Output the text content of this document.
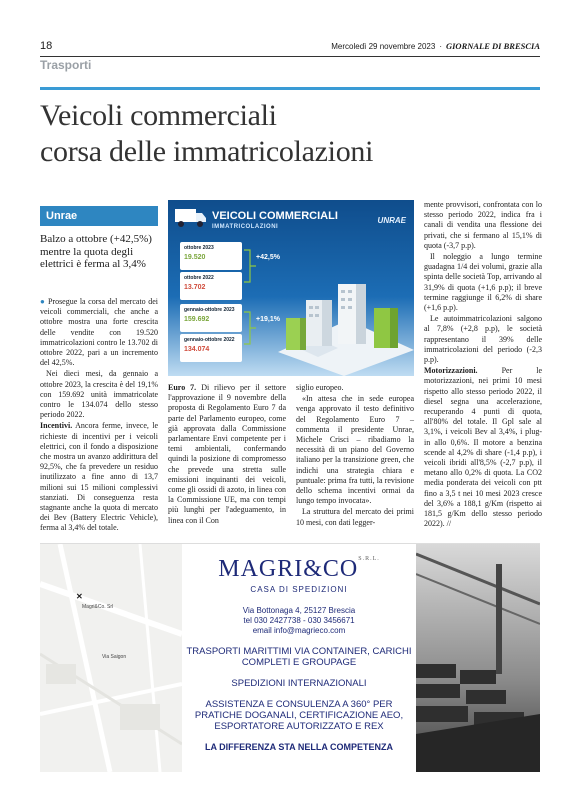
18	Mercoledì 29 novembre 2023 · GIORNALE DI BRESCIA
Trasporti
Veicoli commerciali
corsa delle immatricolazioni
Unrae
Balzo a ottobre (+42,5%) mentre la quota degli elettrici è ferma al 3,4%

● Prosegue la corsa del mercato dei veicoli commerciali, che anche a ottobre mostra una forte crescita delle vendite con 19.520 immatricolazioni contro le 13.702 di ottobre 2022, pari a un incremento del 42,5%.

Nei dieci mesi, da gennaio a ottobre 2023, la crescita è del 19,1% con 159.692 unità immatricolate contro le 134.074 dello stesso periodo 2022.

Incentivi. Ancora ferme, invece, le richieste di incentivi per i veicoli elettrici, con il fondo a disposizione che mostra un avanzo addirittura del 92,5%, che fa prevedere un residuo inutilizzato a fine anno di 13,7 milioni sui 15 milioni complessivi stanziati. Di conseguenza resta stagnante anche la quota di mercato dei Bev (Battery Electric Vehicle), ferma al 3,4% del totale.

VEICOLI COMMERCIALI
IMMATRICOLAZIONI
UNRAE
ottobre 2023
19.520
ottobre 2022
13.702
gennaio-ottobre 2023
159.692
gennaio-ottobre 2022
134.074
+42,5%
+19,1%

Euro 7. Di rilievo per il settore l'approvazione il 9 novembre della proposta di Regolamento Euro 7 da parte del Parlamento europeo, come già approvata dalla Commissione parlamentare Envi competente per i temi ambientali, confermando quindi la posizione di compromesso che prevede una stretta sulle emissioni inquinanti dei veicoli, come gli ossidi di azoto, in linea con la Commissione UE, ma con tempi più lunghi per l'adeguamento, in linea con il Con

siglio europeo.

«In attesa che in sede europea venga approvato il testo definitivo del Regolamento Euro 7 – commenta il presidente Unrae, Michele Crisci – ribadiamo la necessità di un piano del Governo italiano per la transizione green, che indichi una strategia chiara e puntuale: prima fra tutti, la revisione dello schema incentivi ormai da lungo tempo invocata».

La struttura del mercato dei primi 10 mesi, con dati legger-

mente provvisori, confrontata con lo stesso periodo 2022, indica fra i canali di vendita una flessione dei privati, che si fermano al 15,1% di quota (-3,7 p.p).

Il noleggio a lungo termine guadagna 1/4 dei volumi, grazie alla spinta delle società Top, arrivando al 31,9% di quota (+1,6 p.p); il breve termine raggiunge il 6,2% di share (+1,6 p.p).

Le autoimmatricolazioni salgono al 7,8% (+2,8 p.p), le società rappresentano il 39% delle immatricolazioni del periodo (-2,3 p.p).

Motorizzazioni.	Per le motorizzazioni, nei primi 10 mesi rispetto allo stesso periodo 2022, il diesel segna una accelerazione, recuperando 4 punti di quota, all'80% del totale. Il Gpl sale al 3,1%, i veicoli Bev al 3,4%, i plug-in allo 0,6%. Il motore a benzina scende al 4,2% di share (-1,4 p.p), i veicoli ibridi all'8,5% (-2,7 p.p), il metano allo 0,2% di quota. La CO2 media ponderata dei veicoli con ptt fino a 3,5 t nei 10 mesi 2023 cresce del 3,6% a 188,1 g/Km (rispetto ai 181,5 g/Km dello stesso periodo 2022). //

✕
Magri&Co. Srl
Via Saigon
$MAGRI\&CO^{S.R.L.}$
CASA DI SPEDIZIONI
Via Bottonaga 4, 25127 Brescia
tel 030 2427738 - 030 3456671
email info@magrieco.com
TRASPORTI MARITTIMI VIA CONTAINER, CARICHI COMPLETI E GROUPAGE
SPEDIZIONI INTERNAZIONALI
ASSISTENZA E CONSULENZA A 360° PER PRATICHE DOGANALI, CERTIFICAZIONE AEO, ESPORTATORE AUTORIZZATO E REX
LA DIFFERENZA STA NELLA COMPETENZA
